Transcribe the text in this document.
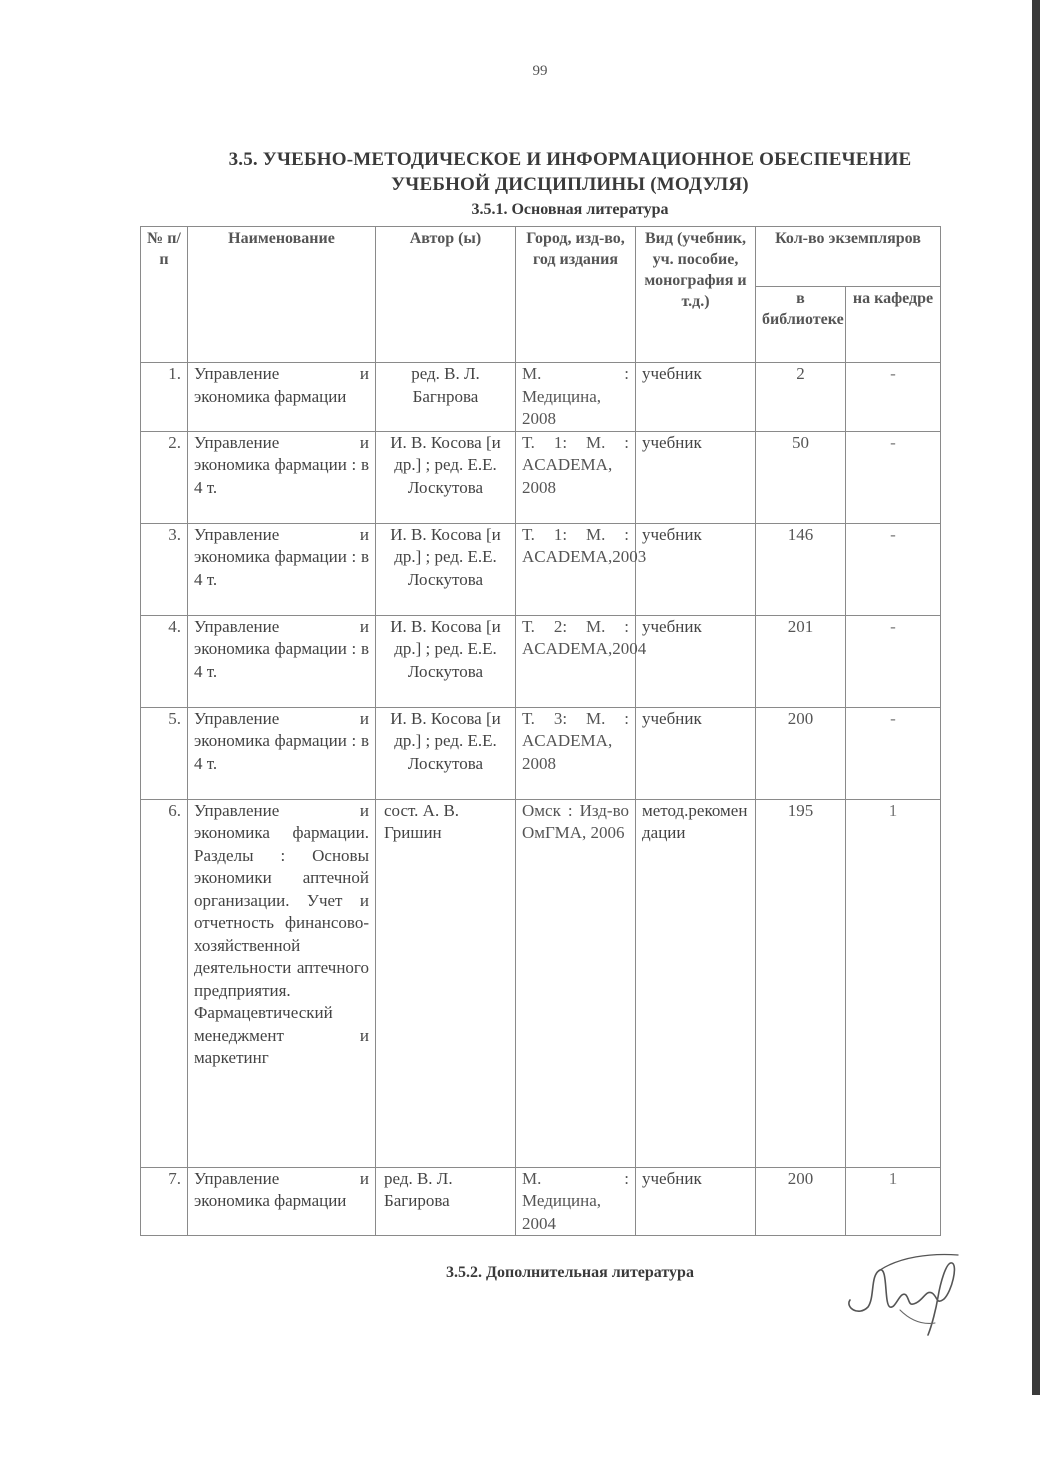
99
3.5. УЧЕБНО-МЕТОДИЧЕСКОЕ И ИНФОРМАЦИОННОЕ ОБЕСПЕЧЕНИЕ
УЧЕБНОЙ ДИСЦИПЛИНЫ (МОДУЛЯ)
3.5.1. Основная литература
№ п/п	Наименование	Автор (ы)	Город, изд-во, год издания	Вид (учебник, уч. пособие, монография и т.д.)	Кол-во экземпляров	
					в библиотеке	на кафедре
1.	Управление и экономика фармации	ред. В. Л. Багнрова	М. : Медицина, 2008	учебник	2	-
2.	Управление и экономика фармации : в 4 т.	И. В. Косова [и др.] ; ред. Е.Е. Лоскутова	Т. 1: М. : ACADEMA, 2008	учебник	50	-
3.	Управление и экономика фармации : в 4 т.	И. В. Косова [и др.] ; ред. Е.Е. Лоскутова	Т. 1: М. : ACADEMA,2003	учебник	146	-
4.	Управление и экономика фармации : в 4 т.	И. В. Косова [и др.] ; ред. Е.Е. Лоскутова	Т. 2: М. : ACADEMA,2004	учебник	201	-
5.	Управление и экономика фармации : в 4 т.	И. В. Косова [и др.] ; ред. Е.Е. Лоскутова	Т. 3: М. : ACADEMA, 2008	учебник	200	-
6.	Управление и экономика фармации. Разделы : Основы экономики аптечной организации. Учет и отчетность финансово-хозяйственной деятельности аптечного предприятия. Фармацевтический менеджмент и маркетинг	сост. А. В. Гришин	Омск : Изд-во ОмГМА, 2006	метод.рекомендации	195	1
7.	Управление и экономика фармации	ред. В. Л. Багирова	М. : Медицина, 2004	учебник	200	1
3.5.2. Дополнительная литература
